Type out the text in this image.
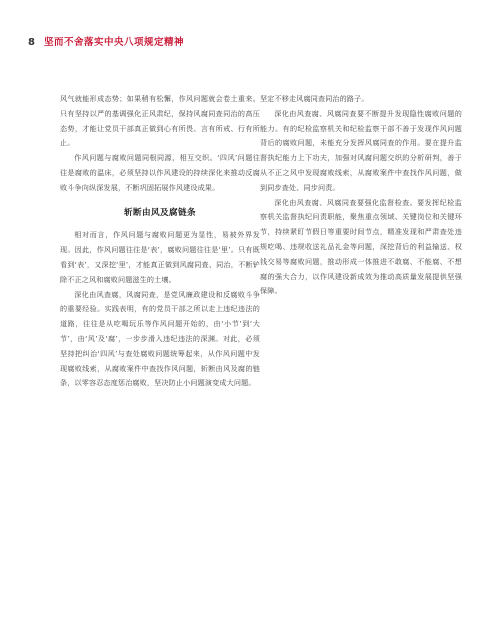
8 坚而不舍落实中央八项规定精神

风气就能形成态势；如果稍有松懈，作风问题就会卷土重来。只有坚持以严的基调强化正风肃纪，保持风腐同查同治的高压态势，才能让党员干部真正做到心有所畏、言有所戒、行有所止。

作风问题与腐败问题同根同源，相互交织。‘四风’问题往往是腐败的温床，必须坚持以作风建设的持续深化来推动反腐败斗争向纵深发展，不断巩固拓展作风建设成果。

斩断由风及腐链条

相对而言，作风问题与腐败问题更为显性，易被外界发现。因此，作风问题往往是‘表’，腐败问题往往是‘里’。只有既看到‘表’，又深挖‘里’，才能真正做到风腐同查、同治，不断铲除不正之风和腐败问题滋生的土壤。

深化由风查腐，风腐同查，是党风廉政建设和反腐败斗争的重要经验。实践表明，有的党员干部之所以走上违纪违法的道路，往往是从吃喝玩乐等作风问题开始的，由‘小节’到‘大节’，由‘风’及‘腐’，一步步滑入违纪违法的深渊。对此，必须坚持把纠治‘四风’与查处腐败问题统筹起来，从作风问题中发现腐败线索，从腐败案件中查找作风问题，斩断由风及腐的链条，以零容忍态度惩治腐败，坚决防止小问题演变成大问题。

坚定不移走风腐同查同治的路子。

深化由风查腐、风腐同查要不断提升发现隐性腐败问题的能力。有的纪检监察机关和纪检监察干部不善于发现作风问题背后的腐败问题，未能充分发挥风腐同查的作用。要在提升监督执纪能力上下功夫，加强对风腐问题交织的分析研判，善于从不正之风中发现腐败线索，从腐败案件中查找作风问题，做到同步查处、同步问责。

深化由风查腐、风腐同查要强化监督检查。要发挥纪检监察机关监督执纪问责职能，聚焦重点领域、关键岗位和关键环节，持续紧盯节假日等重要时间节点，精准发现和严肃查处违规吃喝、违规收送礼品礼金等问题，深挖背后的利益输送、权钱交易等腐败问题，推动形成一体推进不敢腐、不能腐、不想腐的强大合力，以作风建设新成效为推动高质量发展提供坚强保障。
